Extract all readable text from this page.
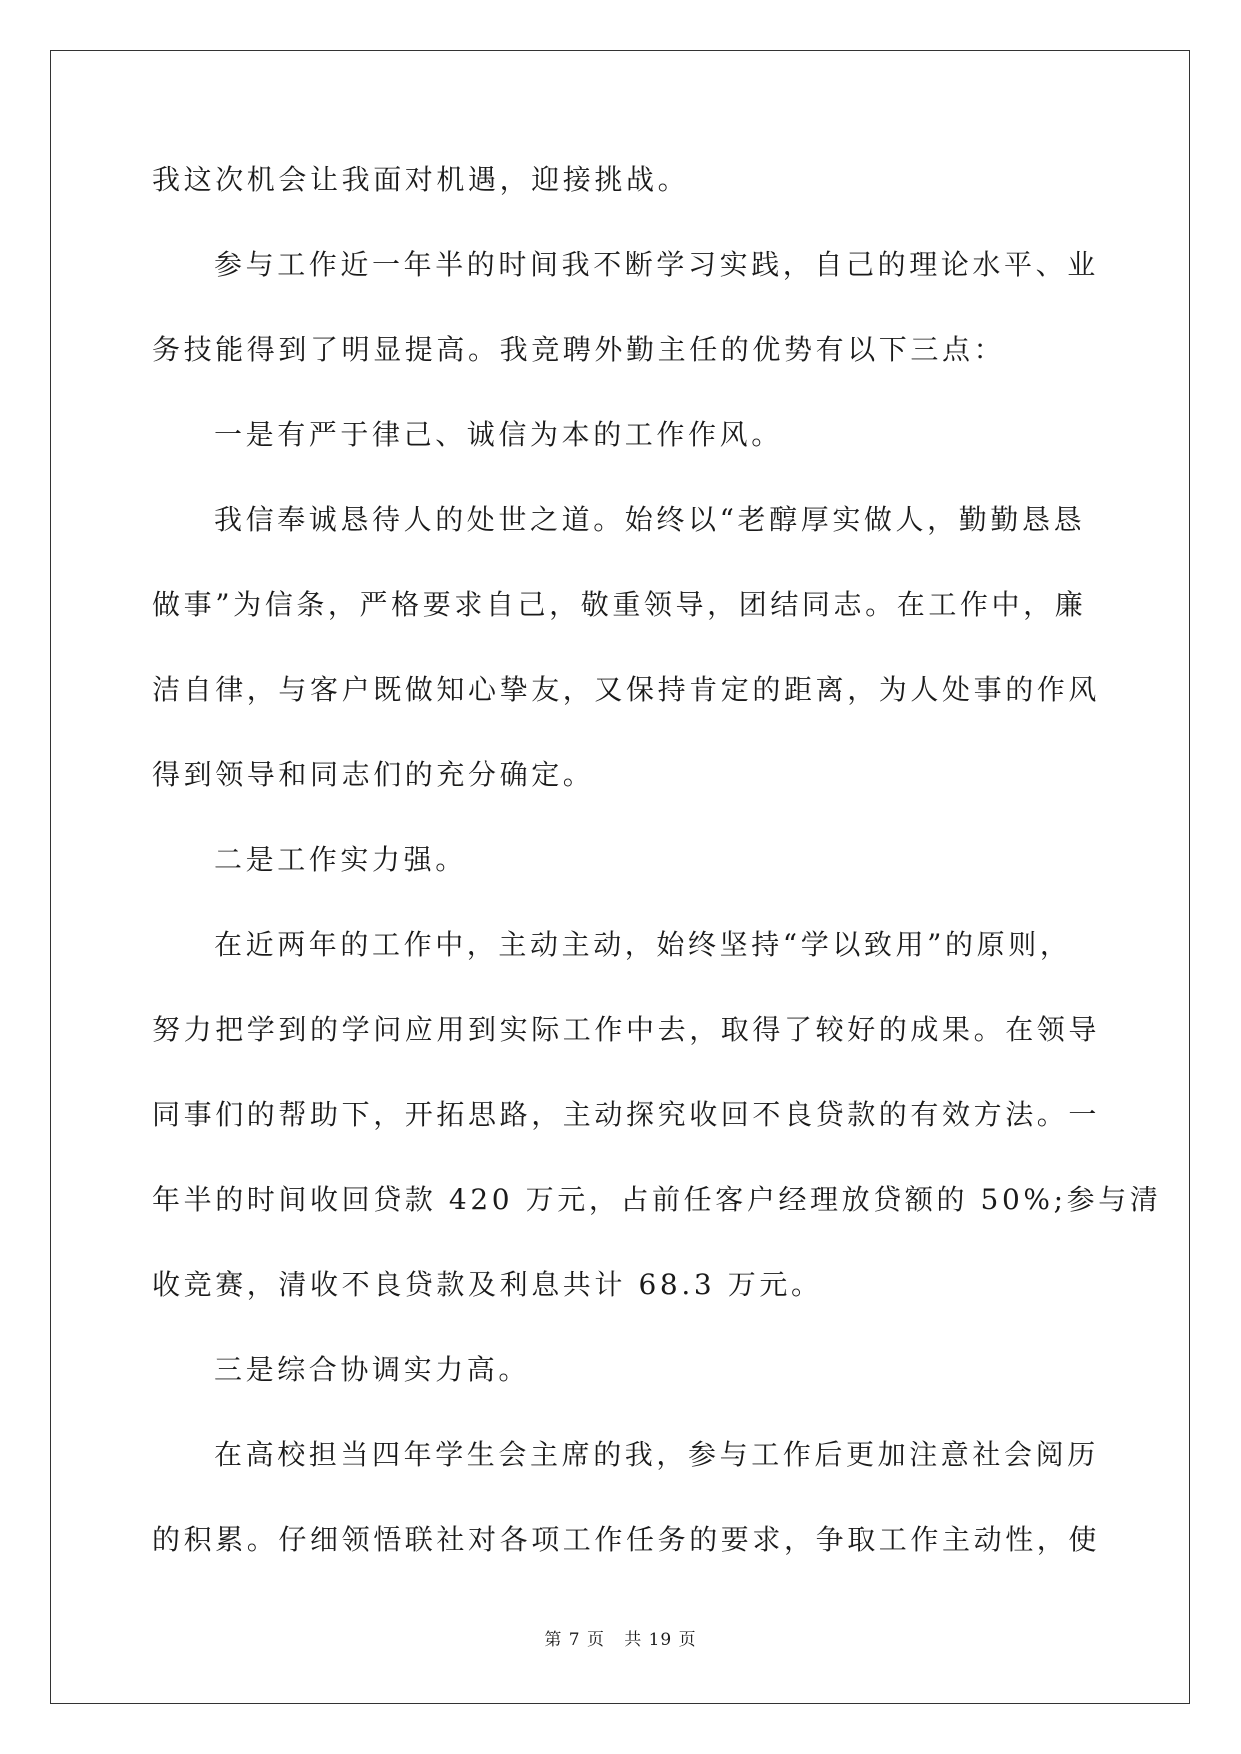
我这次机会让我面对机遇，迎接挑战。
参与工作近一年半的时间我不断学习实践，自己的理论水平、业
务技能得到了明显提高。我竞聘外勤主任的优势有以下三点：
一是有严于律己、诚信为本的工作作风。
我信奉诚恳待人的处世之道。始终以“老醇厚实做人，勤勤恳恳
做事”为信条，严格要求自己，敬重领导，团结同志。在工作中，廉
洁自律，与客户既做知心挚友，又保持肯定的距离，为人处事的作风
得到领导和同志们的充分确定。
二是工作实力强。
在近两年的工作中，主动主动，始终坚持“学以致用”的原则，
努力把学到的学问应用到实际工作中去，取得了较好的成果。在领导
同事们的帮助下，开拓思路，主动探究收回不良贷款的有效方法。一
年半的时间收回贷款 420 万元，占前任客户经理放贷额的 50%;参与清
收竞赛，清收不良贷款及利息共计 68.3 万元。
三是综合协调实力高。
在高校担当四年学生会主席的我，参与工作后更加注意社会阅历
的积累。仔细领悟联社对各项工作任务的要求，争取工作主动性，使
第 7 页   共 19 页
